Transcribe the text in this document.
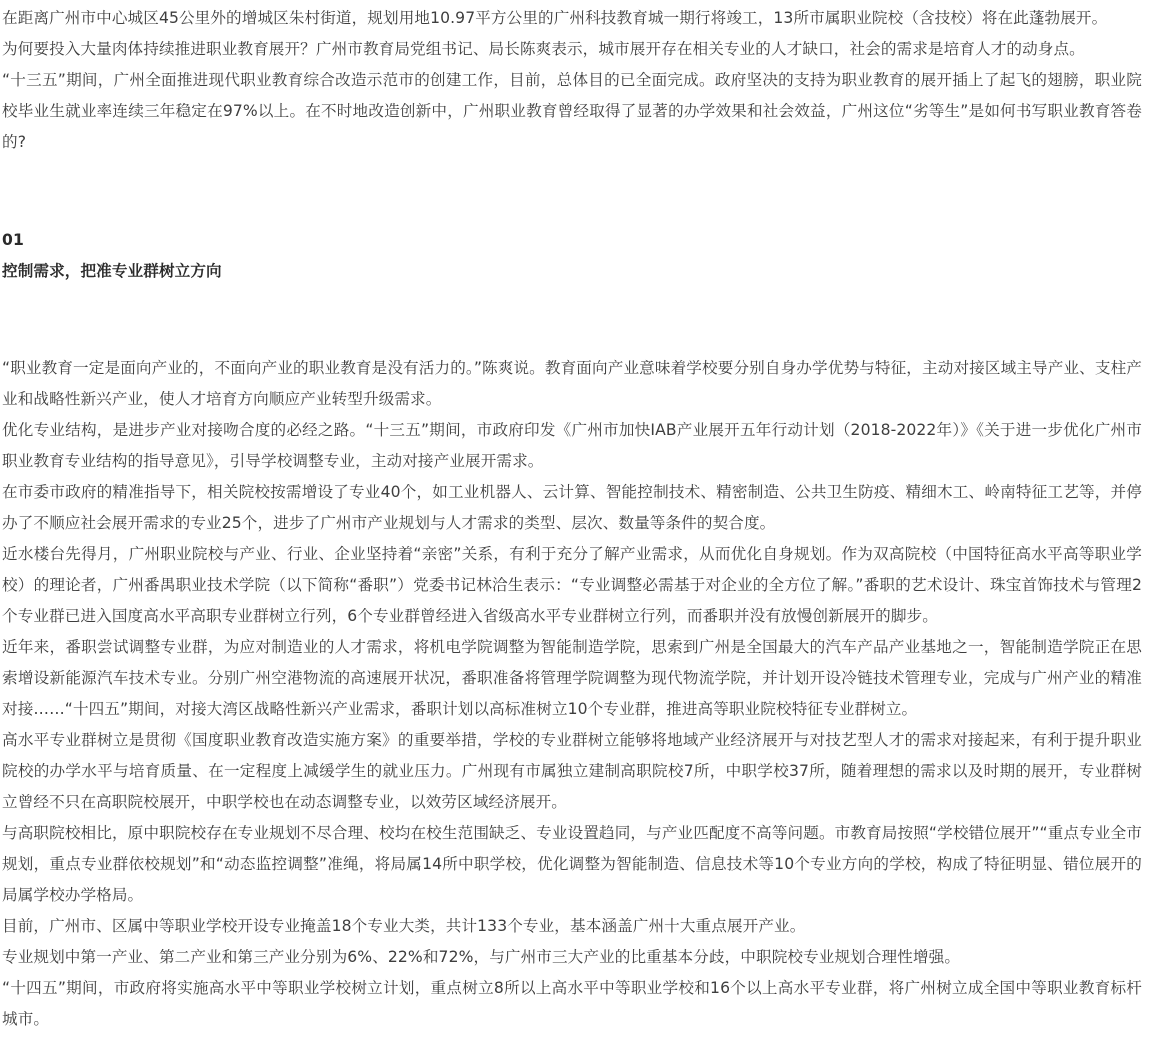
在距离广州市中心城区45公里外的增城区朱村街道，规划用地10.97平方公里的广州科技教育城一期行将竣工，13所市属职业院校（含技校）将在此蓬勃展开。

为何要投入大量肉体持续推进职业教育展开？广州市教育局党组书记、局长陈爽表示，城市展开存在相关专业的人才缺口，社会的需求是培育人才的动身点。

“十三五”期间，广州全面推进现代职业教育综合改造示范市的创建工作，目前，总体目的已全面完成。政府坚决的支持为职业教育的展开插上了起飞的翅膀，职业院校毕业生就业率连续三年稳定在97%以上。在不时地改造创新中，广州职业教育曾经取得了显著的办学效果和社会效益，广州这位“劣等生”是如何书写职业教育答卷的?

01
控制需求，把准专业群树立方向

“职业教育一定是面向产业的，不面向产业的职业教育是没有活力的。”陈爽说。教育面向产业意味着学校要分别自身办学优势与特征，主动对接区域主导产业、支柱产业和战略性新兴产业，使人才培育方向顺应产业转型升级需求。

优化专业结构，是进步产业对接吻合度的必经之路。“十三五”期间，市政府印发《广州市加快IAB产业展开五年行动计划（2018-2022年）》《关于进一步优化广州市职业教育专业结构的指导意见》，引导学校调整专业，主动对接产业展开需求。

在市委市政府的精准指导下，相关院校按需增设了专业40个，如工业机器人、云计算、智能控制技术、精密制造、公共卫生防疫、精细木工、岭南特征工艺等，并停办了不顺应社会展开需求的专业25个，进步了广州市产业规划与人才需求的类型、层次、数量等条件的契合度。

近水楼台先得月，广州职业院校与产业、行业、企业坚持着“亲密”关系，有利于充分了解产业需求，从而优化自身规划。作为双高院校（中国特征高水平高等职业学校）的理论者，广州番禺职业技术学院（以下简称“番职”）党委书记林洽生表示：“专业调整必需基于对企业的全方位了解。”番职的艺术设计、珠宝首饰技术与管理2个专业群已进入国度高水平高职专业群树立行列，6个专业群曾经进入省级高水平专业群树立行列，而番职并没有放慢创新展开的脚步。

近年来，番职尝试调整专业群，为应对制造业的人才需求，将机电学院调整为智能制造学院，思索到广州是全国最大的汽车产品产业基地之一，智能制造学院正在思索增设新能源汽车技术专业。分别广州空港物流的高速展开状况，番职准备将管理学院调整为现代物流学院，并计划开设冷链技术管理专业，完成与广州产业的精准对接……“十四五”期间，对接大湾区战略性新兴产业需求，番职计划以高标准树立10个专业群，推进高等职业院校特征专业群树立。

高水平专业群树立是贯彻《国度职业教育改造实施方案》的重要举措，学校的专业群树立能够将地域产业经济展开与对技艺型人才的需求对接起来，有利于提升职业院校的办学水平与培育质量、在一定程度上减缓学生的就业压力。广州现有市属独立建制高职院校7所，中职学校37所，随着理想的需求以及时期的展开，专业群树立曾经不只在高职院校展开，中职学校也在动态调整专业，以效劳区域经济展开。

与高职院校相比，原中职院校存在专业规划不尽合理、校均在校生范围缺乏、专业设置趋同，与产业匹配度不高等问题。市教育局按照“学校错位展开”“重点专业全市规划，重点专业群依校规划”和“动态监控调整”准绳，将局属14所中职学校，优化调整为智能制造、信息技术等10个专业方向的学校，构成了特征明显、错位展开的局属学校办学格局。

目前，广州市、区属中等职业学校开设专业掩盖18个专业大类，共计133个专业，基本涵盖广州十大重点展开产业。

专业规划中第一产业、第二产业和第三产业分别为6%、22%和72%，与广州市三大产业的比重基本分歧，中职院校专业规划合理性增强。

“十四五”期间，市政府将实施高水平中等职业学校树立计划，重点树立8所以上高水平中等职业学校和16个以上高水平专业群，将广州树立成全国中等职业教育标杆城市。
